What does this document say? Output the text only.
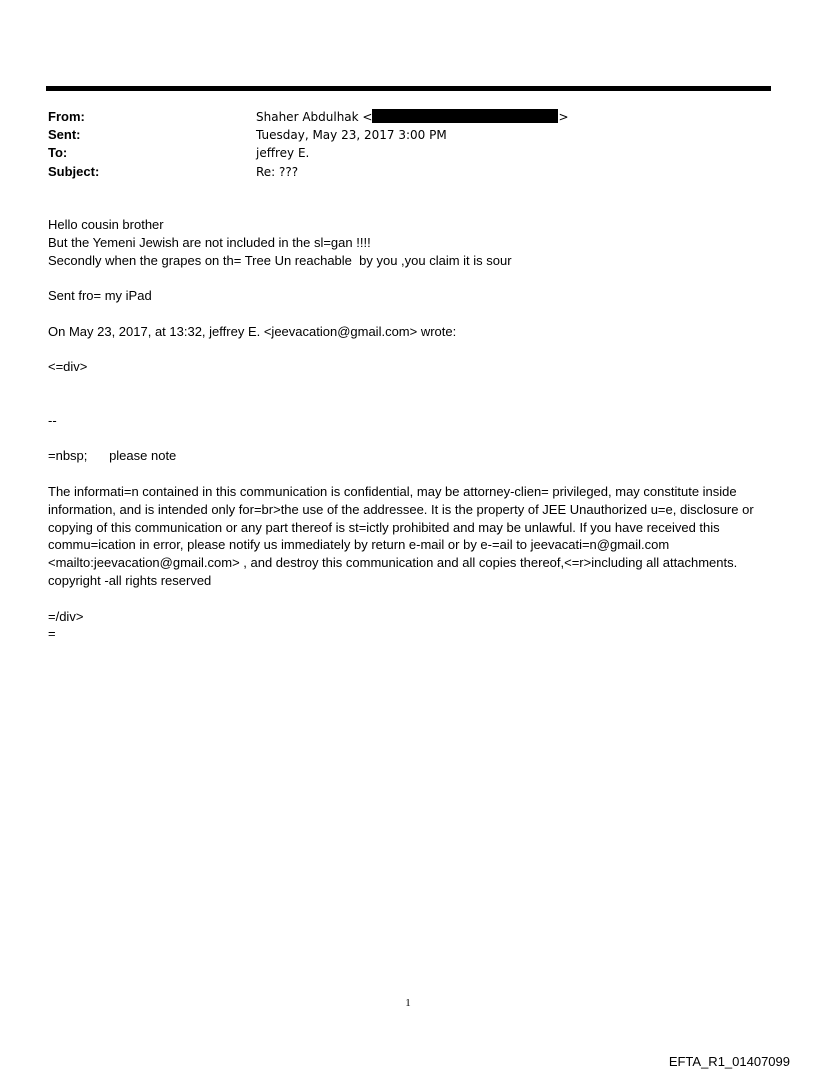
From:	Shaher Abdulhak <	>
Sent:	Tuesday, May 23, 2017 3:00 PM
To:	jeffrey E.
Subject:	Re: ???

Hello cousin brother

But the Yemeni Jewish are not included in the sl=gan !!!!

Secondly when the grapes on th= Tree Un reachable  by you ,you claim it is sour

Sent fro= my iPad

On May 23, 2017, at 13:32, jeffrey E. <jeevacation@gmail.com> wrote:

<=div>

--

=nbsp;      please note

The informati=n contained in this communication is confidential, may be attorney-clien= privileged, may constitute inside information, and is intended only for=br>the use of the addressee. It is the property of JEE Unauthorized u=e, disclosure or copying of this communication or any part thereof is st=ictly prohibited and may be unlawful. If you have received this commu=ication in error, please notify us immediately by return e-mail or by e-=ail to jeevacati=n@gmail.com <mailto:jeevacation@gmail.com> , and destroy this communication and all copies thereof,<=r>including all attachments. copyright -all rights reserved

=/div>

=

1
EFTA_R1_01407099
